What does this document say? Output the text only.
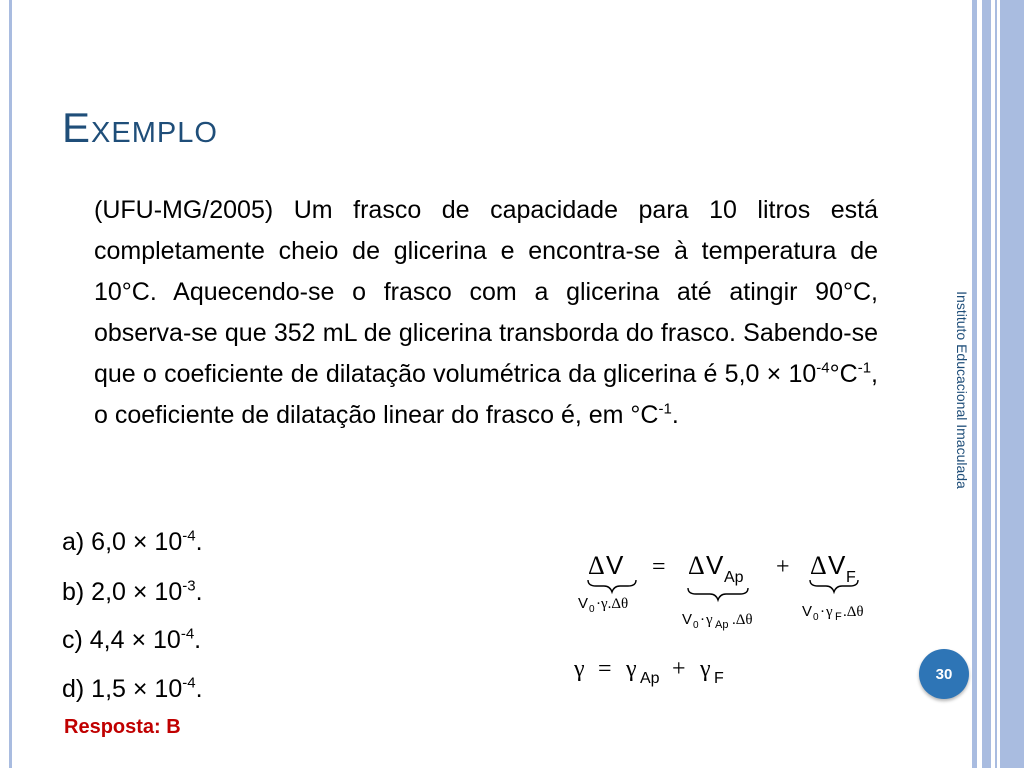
Exemplo

(UFU-MG/2005) Um frasco de capacidade para 10 litros está completamente cheio de glicerina e encontra-se à temperatura de 10°C. Aquecendo-se o frasco com a glicerina até atingir 90°C, observa-se que 352 mL de glicerina transborda do frasco. Sabendo-se que o coeficiente de dilatação volumétrica da glicerina é $5,0 \times 10^{-4}^\circ C^{-1}$, o coeficiente de dilatação linear do frasco é, em $^\circ C^{-1}$.

a) $6,0 \times 10^{-4}$.

b) $2,0 \times 10^{-3}$.

c) $4,4 \times 10^{-4}$.

d) $1,5 \times 10^{-4}$.

Resposta: B

Instituto Educacional Imaculada
30
Δ V = Δ V Ap + Δ V F
V 0 ·γ.Δθ
V 0 · γ Ap .Δθ	V 0 · γ F .Δθ
γ = γ Ap + γ F
